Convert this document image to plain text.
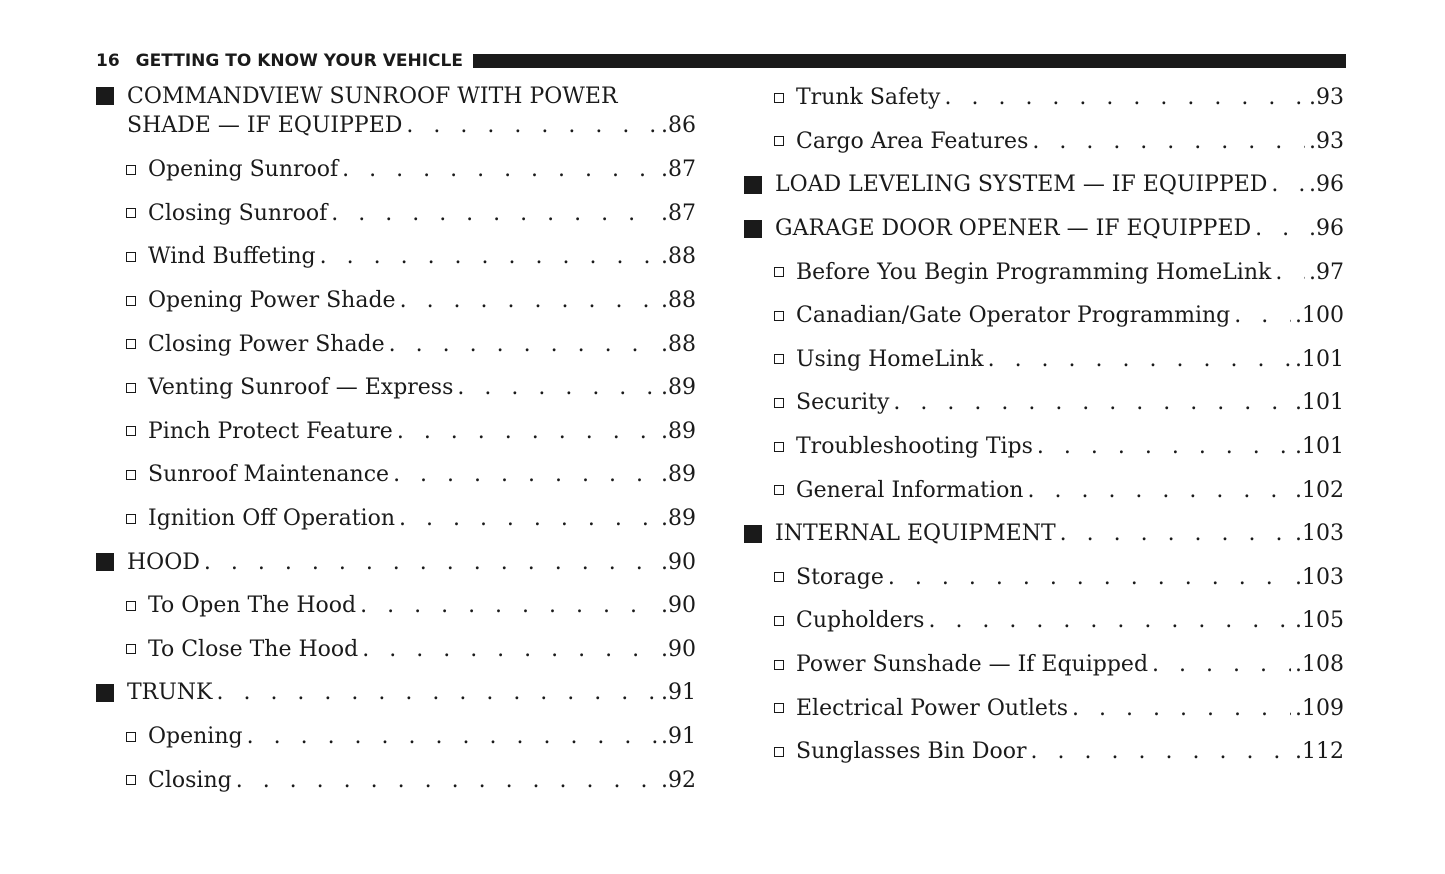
16 GETTING TO KNOW YOUR VEHICLE
COMMANDVIEW SUNROOF WITH POWER
SHADE — IF EQUIPPED . . .	.86
Opening Sunroof . . .	.87
Closing Sunroof . . .	.87
Wind Buffeting . . .	.88
Opening Power Shade . . .	.88
Closing Power Shade . . .	.88
Venting Sunroof — Express . . .	.89
Pinch Protect Feature . . .	.89
Sunroof Maintenance . . .	.89
Ignition Off Operation . . .	.89
HOOD . . .	.90
To Open The Hood . . .	.90
To Close The Hood . . .	.90
TRUNK . . .	.91
Opening . . .	.91
Closing . . .	.92
Trunk Safety . . .	.93
Cargo Area Features . . .	.93
LOAD LEVELING SYSTEM — IF EQUIPPED . . . .96
GARAGE DOOR OPENER — IF EQUIPPED . . .	.96
Before You Begin Programming HomeLink . . . .97
Canadian/Gate Operator Programming . . .	.100
Using HomeLink . . .	.101
Security . . .	.101
Troubleshooting Tips . . .	.101
General Information . . .	.102
INTERNAL EQUIPMENT . . .	.103
Storage . . .	.103
Cupholders . . .	.105
Power Sunshade — If Equipped . . .	.108
Electrical Power Outlets . . .	.109
Sunglasses Bin Door . . .	.112
